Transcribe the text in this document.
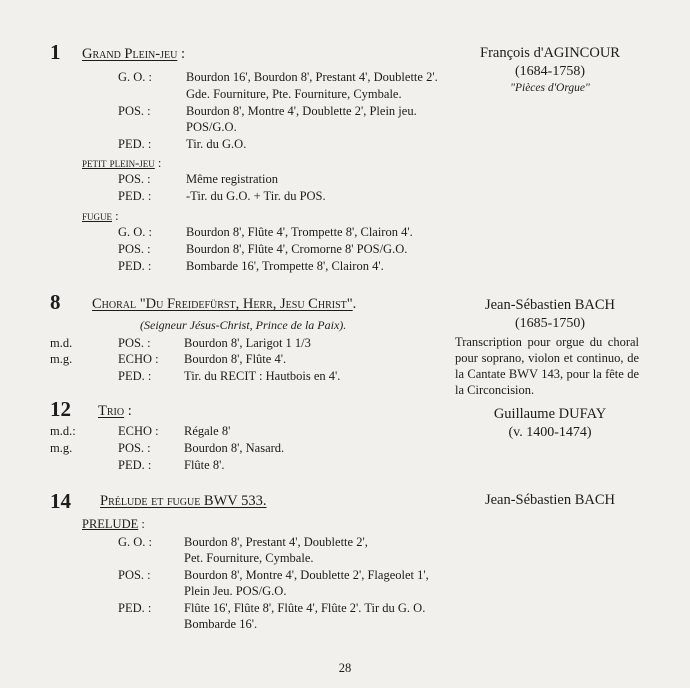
1 Grand Plein-jeu :
G. O. :	Bourdon 16', Bourdon 8', Prestant 4', Doublette 2'.
Gde. Fourniture, Pte. Fourniture, Cymbale.
POS. :	Bourdon 8', Montre 4', Doublette 2', Plein jeu.
POS/G.O.
PED. :	Tir. du G.O.
petit plein-jeu :
POS. :	Même registration
PED. :	-Tir. du G.O. + Tir. du POS.
fugue :
G. O. :	Bourdon 8', Flûte 4', Trompette 8', Clairon 4'.
POS. :	Bourdon 8', Flûte 4', Cromorne 8' POS/G.O.
PED. :	Bombarde 16', Trompette 8', Clairon 4'.
François d'AGINCOUR
(1684-1758)
"Pièces d'Orgue"
8 Choral "Du Freidefürst, Herr, Jesu Christ".
(Seigneur Jésus-Christ, Prince de la Paix).
m.d.	POS. :	Bourdon 8', Larigot 1 1/3
m.g.	ECHO : Bourdon 8', Flûte 4'.
PED. :	Tir. du RECIT : Hautbois en 4'.
Jean-Sébastien BACH
(1685-1750)
Transcription pour orgue du choral pour soprano, violon et continuo, de la Cantate BWV 143, pour la fête de la Circoncision.
12 Trio :
m.d.:	ECHO : Régale 8'
m.g.	POS. :	Bourdon 8', Nasard.
PED. :	Flûte 8'.
Guillaume DUFAY
(v. 1400-1474)
14 Prélude et fugue BWV 533.
PRELUDE :
G. O. :	Bourdon 8', Prestant 4', Doublette 2',
Pet. Fourniture, Cymbale.
POS. :	Bourdon 8', Montre 4', Doublette 2', Flageolet 1',
Plein Jeu. POS/G.O.
PED. :	Flûte 16', Flûte 8', Flûte 4', Flûte 2'. Tir du G. O.
Bombarde 16'.
Jean-Sébastien BACH
28
